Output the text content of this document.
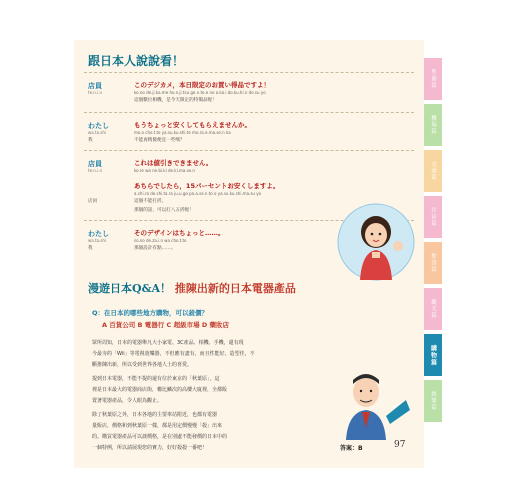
跟日本人說說看！
店員
te.n.i.n
このデジカメ，本日限定のお買い得品ですよ！
ko.no de.ji.ka.me ho.n.ji.tsu ge.n.te.e no o.ka.i.do.ku.hi.n de.su yo
這個數位相機，是今天限定的特價品喔！
わたし
wa.ta.shi
我
もうちょっと安くしてもらえませんか。
mo.o cho.t.to ya.su.ku.shi.te mo.ra.e.ma.se.n ka
不能再稍微便宜一些嗎？
店員
te.n.i.n
これは値引きできません。
ko.re wa ne.bi.ki de.ki.ma.se.n
あちらでしたら，15パーセントお安くしますよ。
a.chi.ra de.shi.ta.ra ju.u.go pa.a.se.n.to o ya.su.ku.shi.ma.su yo
店員	這個不能打折。
那個的話，可以打八五折喔！
わたし
wa.ta.shi
我
そのデザインはちょっと……。
so.no de.za.i.n wa cho.t.to
那個設計有點……。
漫遊日本Q&A！ 推陳出新的日本電器產品
Q：在日本的哪些地方購物，可以殺價？
A 百貨公司 B 電器行 C 超級市場 D 藥妝店
眾所周知，日本的電器舉凡大小家電、3C產品、相機、手機，還有現
今最夯的「Wii」等電視遊樂器，不但應有盡有，而且性能好、造型佳，不
斷推陳出新，所以受到世界各地人士的喜愛。
提到日本電器，不能不提的還有位於東京的「秋葉原」，這
裡是日本最大的電器商店街，櫛比鱗次的高樓大廈裡，全都販
賣著電器產品，令人眼為觀止。
除了秋葉原之外，日本各地的主要車站附近，也都有電器
量販店，價格和到秋葉原一樣，都是用定價慢慢「殺」出來
的。購買電器產品可以談價格，是在別處不能發價的日本中的
一個特例，所以請展現您的實力，好好殺殺一番吧！	答案：B	97
準備篇
機場篇
交通篇
住宿篇
飲食篇
觀光篇
購物篇
娛樂篇
